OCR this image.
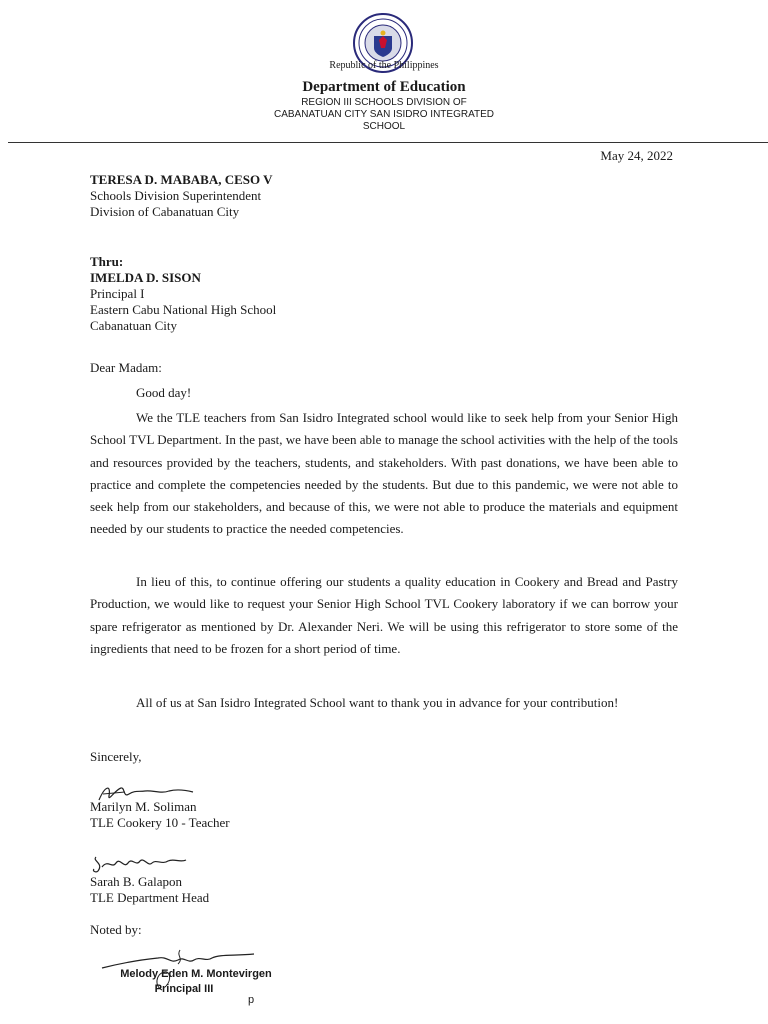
Republic of the Philippines
Department of Education
REGION III SCHOOLS DIVISION OF
CABANATUAN CITY SAN ISIDRO INTEGRATED
SCHOOL
May 24, 2022
TERESA D. MABABA, CESO V
Schools Division Superintendent
Division of Cabanatuan City
Thru:
IMELDA D. SISON
Principal I
Eastern Cabu National High School
Cabanatuan City
Dear Madam:
Good day!
We the TLE teachers from San Isidro Integrated school would like to seek help from your Senior High School TVL Department. In the past, we have been able to manage the school activities with the help of the tools and resources provided by the teachers, students, and stakeholders. With past donations, we have been able to practice and complete the competencies needed by the students. But due to this pandemic, we were not able to seek help from our stakeholders, and because of this, we were not able to produce the materials and equipment needed by our students to practice the needed competencies.
In lieu of this, to continue offering our students a quality education in Cookery and Bread and Pastry Production, we would like to request your Senior High School TVL Cookery laboratory if we can borrow your spare refrigerator as mentioned by Dr. Alexander Neri. We will be using this refrigerator to store some of the ingredients that need to be frozen for a short period of time.
All of us at San Isidro Integrated School want to thank you in advance for your contribution!
Sincerely,
Marilyn M. Soliman
TLE Cookery 10 - Teacher
Sarah B. Galapon
TLE Department Head
Noted by:
Melody Eden M. Montevirgen
Principal III
p
